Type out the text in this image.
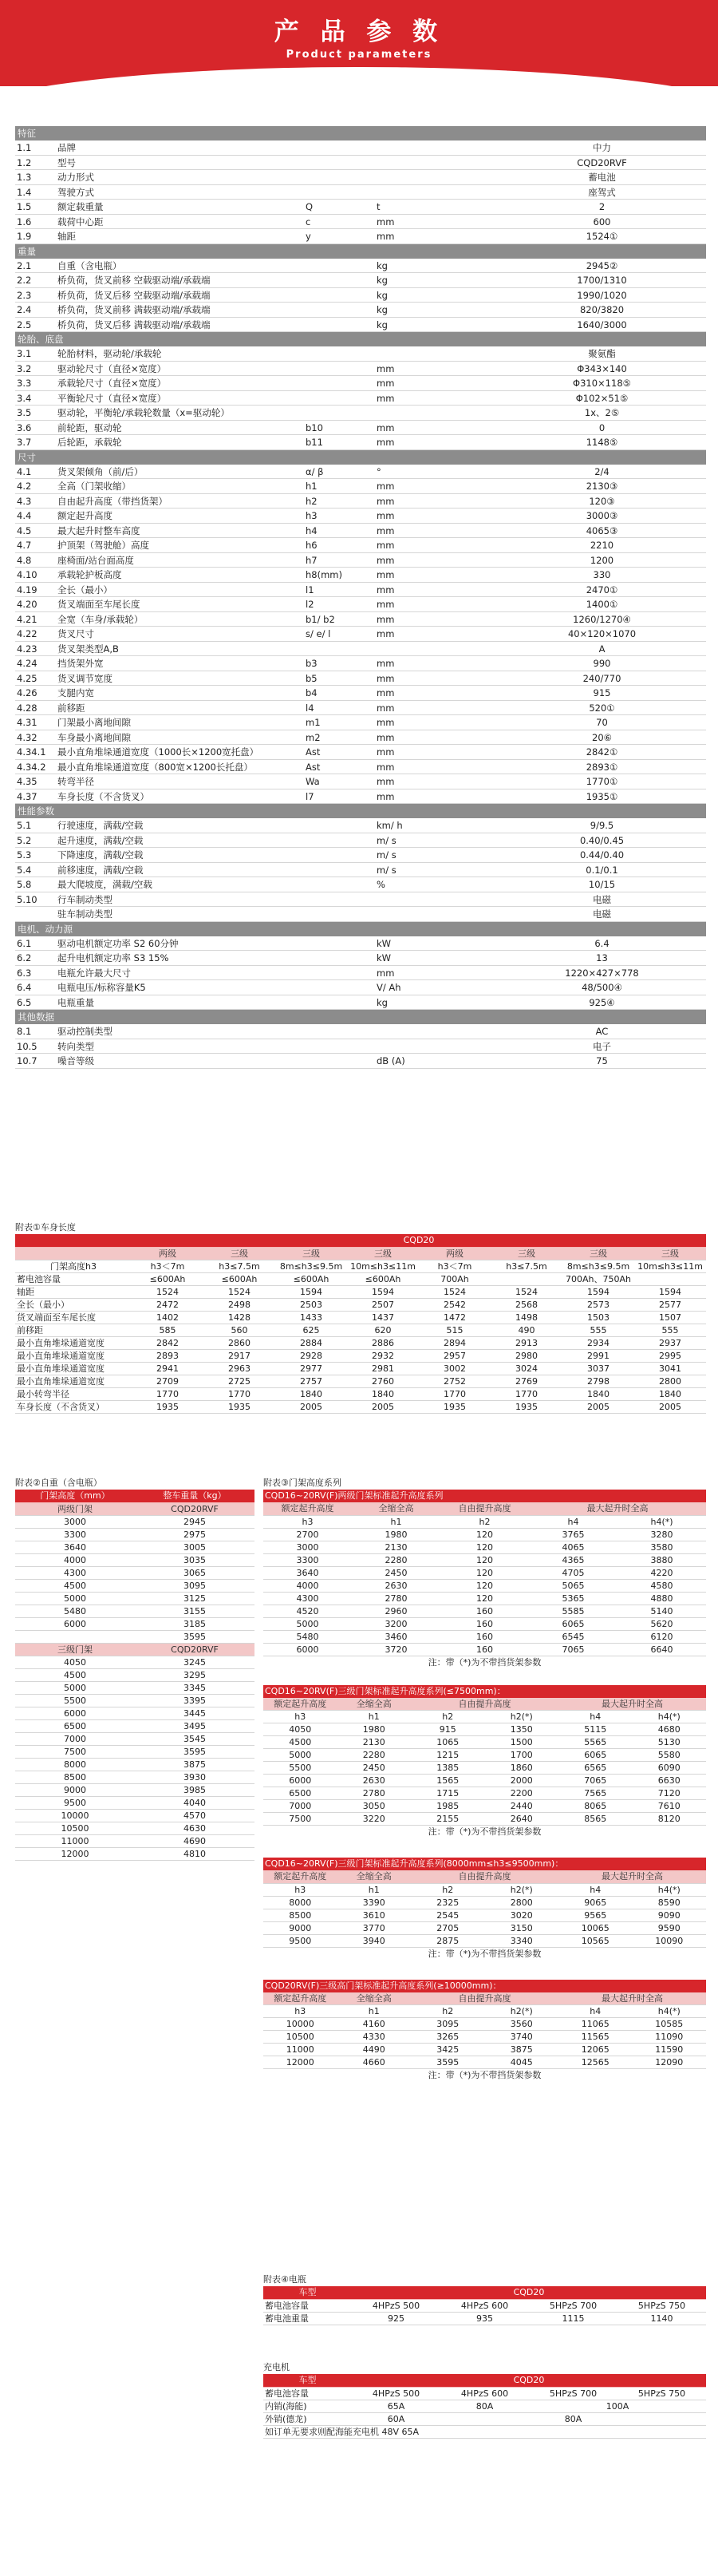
产 品 参 数
Product parameters
特征
1.1	品牌	中力
1.2	型号	CQD20RVF
1.3	动力形式	蓄电池
1.4	驾驶方式	座驾式
1.5	额定载重量	Q	t	2
1.6	载荷中心距	c	mm	600
1.9	轴距	y	mm	1524①
重量
2.1	自重（含电瓶）	kg	2945②
2.2	桥负荷，货叉前移 空载驱动端/承载端	kg	1700/1310
2.3	桥负荷，货叉后移 空载驱动端/承载端	kg	1990/1020
2.4	桥负荷，货叉前移 满载驱动端/承载端	kg	820/3820
2.5	桥负荷，货叉后移 满载驱动端/承载端	kg	1640/3000
轮胎、底盘
3.1	轮胎材料，驱动轮/承载轮	聚氨酯
3.2	驱动轮尺寸（直径×宽度）	mm	Φ343×140
3.3	承载轮尺寸（直径×宽度）	mm	Φ310×118⑤
3.4	平衡轮尺寸（直径×宽度）	mm	Φ102×51⑤
3.5	驱动轮，平衡轮/承载轮数量（x=驱动轮）	1x、2⑤
3.6	前轮距，驱动轮	b10	mm	0
3.7	后轮距，承载轮	b11	mm	1148⑤
尺寸
4.1	货叉架倾角（前/后）	α/ β	°	2/4
4.2	全高（门架收缩）	h1	mm	2130③
4.3	自由起升高度（带挡货架）	h2	mm	120③
4.4	额定起升高度	h3	mm	3000③
4.5	最大起升时整车高度	h4	mm	4065③
4.7	护顶架（驾驶舱）高度	h6	mm	2210
4.8	座椅面/站台面高度	h7	mm	1200
4.10	承载轮护板高度	h8(mm)	mm	330
4.19	全长（最小）	l1	mm	2470①
4.20	货叉端面至车尾长度	l2	mm	1400①
4.21	全宽（车身/承载轮）	b1/ b2	mm	1260/1270④
4.22	货叉尺寸	s/ e/ l	mm	40×120×1070
4.23	货叉架类型A,B	A
4.24	挡货架外宽	b3	mm	990
4.25	货叉调节宽度	b5	mm	240/770
4.26	支腿内宽	b4	mm	915
4.28	前移距	l4	mm	520①
4.31	门架最小离地间隙	m1	mm	70
4.32	车身最小离地间隙	m2	mm	20⑥
4.34.1	最小直角堆垛通道宽度（1000长×1200宽托盘）	Ast	mm	2842①
4.34.2	最小直角堆垛通道宽度（800宽×1200长托盘）	Ast	mm	2893①
4.35	转弯半径	Wa	mm	1770①
4.37	车身长度（不含货叉）	l7	mm	1935①
性能参数
5.1	行驶速度，满载/空载	km/ h	9/9.5
5.2	起升速度，满载/空载	m/ s	0.40/0.45
5.3	下降速度，满载/空载	m/ s	0.44/0.40
5.4	前移速度，满载/空载	m/ s	0.1/0.1
5.8	最大爬坡度，满载/空载	%	10/15
5.10	行车制动类型	电磁
驻车制动类型	电磁
电机、动力源
6.1	驱动电机额定功率 S2 60分钟	kW	6.4
6.2	起升电机额定功率 S3 15%	kW	13
6.3	电瓶允许最大尺寸	mm	1220×427×778
6.4	电瓶电压/标称容量K5	V/ Ah	48/500④
6.5	电瓶重量	kg	925④
其他数据
8.1	驱动控制类型	AC
10.5	转向类型	电子
10.7	噪音等级	dB (A)	75
附表①车身长度
	CQD20							
	两级	三级	三级	三级	两级	三级	三级	三级
门架高度h3	h3＜7m	h3≤7.5m	8m≤h3≤9.5m	10m≤h3≤11m	h3＜7m	h3≤7.5m	8m≤h3≤9.5m	10m≤h3≤11m
蓄电池容量	≤600Ah	≤600Ah	≤600Ah	≤600Ah	700Ah	700Ah、750Ah		
轴距	1524	1524	1594	1594	1524	1524	1594	1594
全长（最小）	2472	2498	2503	2507	2542	2568	2573	2577
货叉端面至车尾长度	1402	1428	1433	1437	1472	1498	1503	1507
前移距	585	560	625	620	515	490	555	555
最小直角堆垛通道宽度	2842	2860	2884	2886	2894	2913	2934	2937
最小直角堆垛通道宽度	2893	2917	2928	2932	2957	2980	2991	2995
最小直角堆垛通道宽度	2941	2963	2977	2981	3002	3024	3037	3041
最小直角堆垛通道宽度	2709	2725	2757	2760	2752	2769	2798	2800
最小转弯半径	1770	1770	1840	1840	1770	1770	1840	1840
车身长度（不含货叉）	1935	1935	2005	2005	1935	1935	2005	2005
附表②自重（含电瓶）
门架高度（mm）	整车重量（kg）
两级门架	CQD20RVF
3000	2945
3300	2975
3640	3005
4000	3035
4300	3065
4500	3095
5000	3125
5480	3155
6000	3185
	3595
三级门架	CQD20RVF
4050	3245
4500	3295
5000	3345
5500	3395
6000	3445
6500	3495
7000	3545
7500	3595
8000	3875
8500	3930
9000	3985
9500	4040
10000	4570
10500	4630
11000	4690
12000	4810
附表③门架高度系列
CQD16~20RV(F)两级门架标准起升高度系列
额定起升高度	全缩全高	自由提升高度	最大起升时全高	
h3	h1	h2	h4	h4(*)
2700	1980	120	3765	3280
3000	2130	120	4065	3580
3300	2280	120	4365	3880
3640	2450	120	4705	4220
4000	2630	120	5065	4580
4300	2780	120	5365	4880
4520	2960	160	5585	5140
5000	3200	160	6065	5620
5480	3460	160	6545	6120
6000	3720	160	7065	6640
注：带（*)为不带挡货架参数
CQD16~20RV(F)三级门架标准起升高度系列(≤7500mm)：
额定起升高度	全缩全高	自由提升高度		最大起升时全高	
h3	h1	h2	h2(*)	h4	h4(*)
4050	1980	915	1350	5115	4680
4500	2130	1065	1500	5565	5130
5000	2280	1215	1700	6065	5580
5500	2450	1385	1860	6565	6090
6000	2630	1565	2000	7065	6630
6500	2780	1715	2200	7565	7120
7000	3050	1985	2440	8065	7610
7500	3220	2155	2640	8565	8120
注：带（*)为不带挡货架参数
CQD16~20RV(F)三级门架标准起升高度系列(8000mm≤h3≤9500mm)：
额定起升高度	全缩全高	自由提升高度		最大起升时全高	
h3	h1	h2	h2(*)	h4	h4(*)
8000	3390	2325	2800	9065	8590
8500	3610	2545	3020	9565	9090
9000	3770	2705	3150	10065	9590
9500	3940	2875	3340	10565	10090
注：带（*)为不带挡货架参数
CQD20RV(F)三级高门架标准起升高度系列(≥10000mm)：
额定起升高度	全缩全高	自由提升高度		最大起升时全高	
h3	h1	h2	h2(*)	h4	h4(*)
10000	4160	3095	3560	11065	10585
10500	4330	3265	3740	11565	11090
11000	4490	3425	3875	12065	11590
12000	4660	3595	4045	12565	12090
注：带（*)为不带挡货架参数
附表④电瓶
车型	CQD20			
蓄电池容量	4HPzS 500	4HPzS 600	5HPzS 700	5HPzS 750
蓄电池重量	925	935	1115	1140
充电机
车型	CQD20			
蓄电池容量	4HPzS 500	4HPzS 600	5HPzS 700	5HPzS 750
内销(海能)	65A	80A	100A	
外销(德龙)	60A	80A		
如订单无要求则配海能充电机 48V 65A				
